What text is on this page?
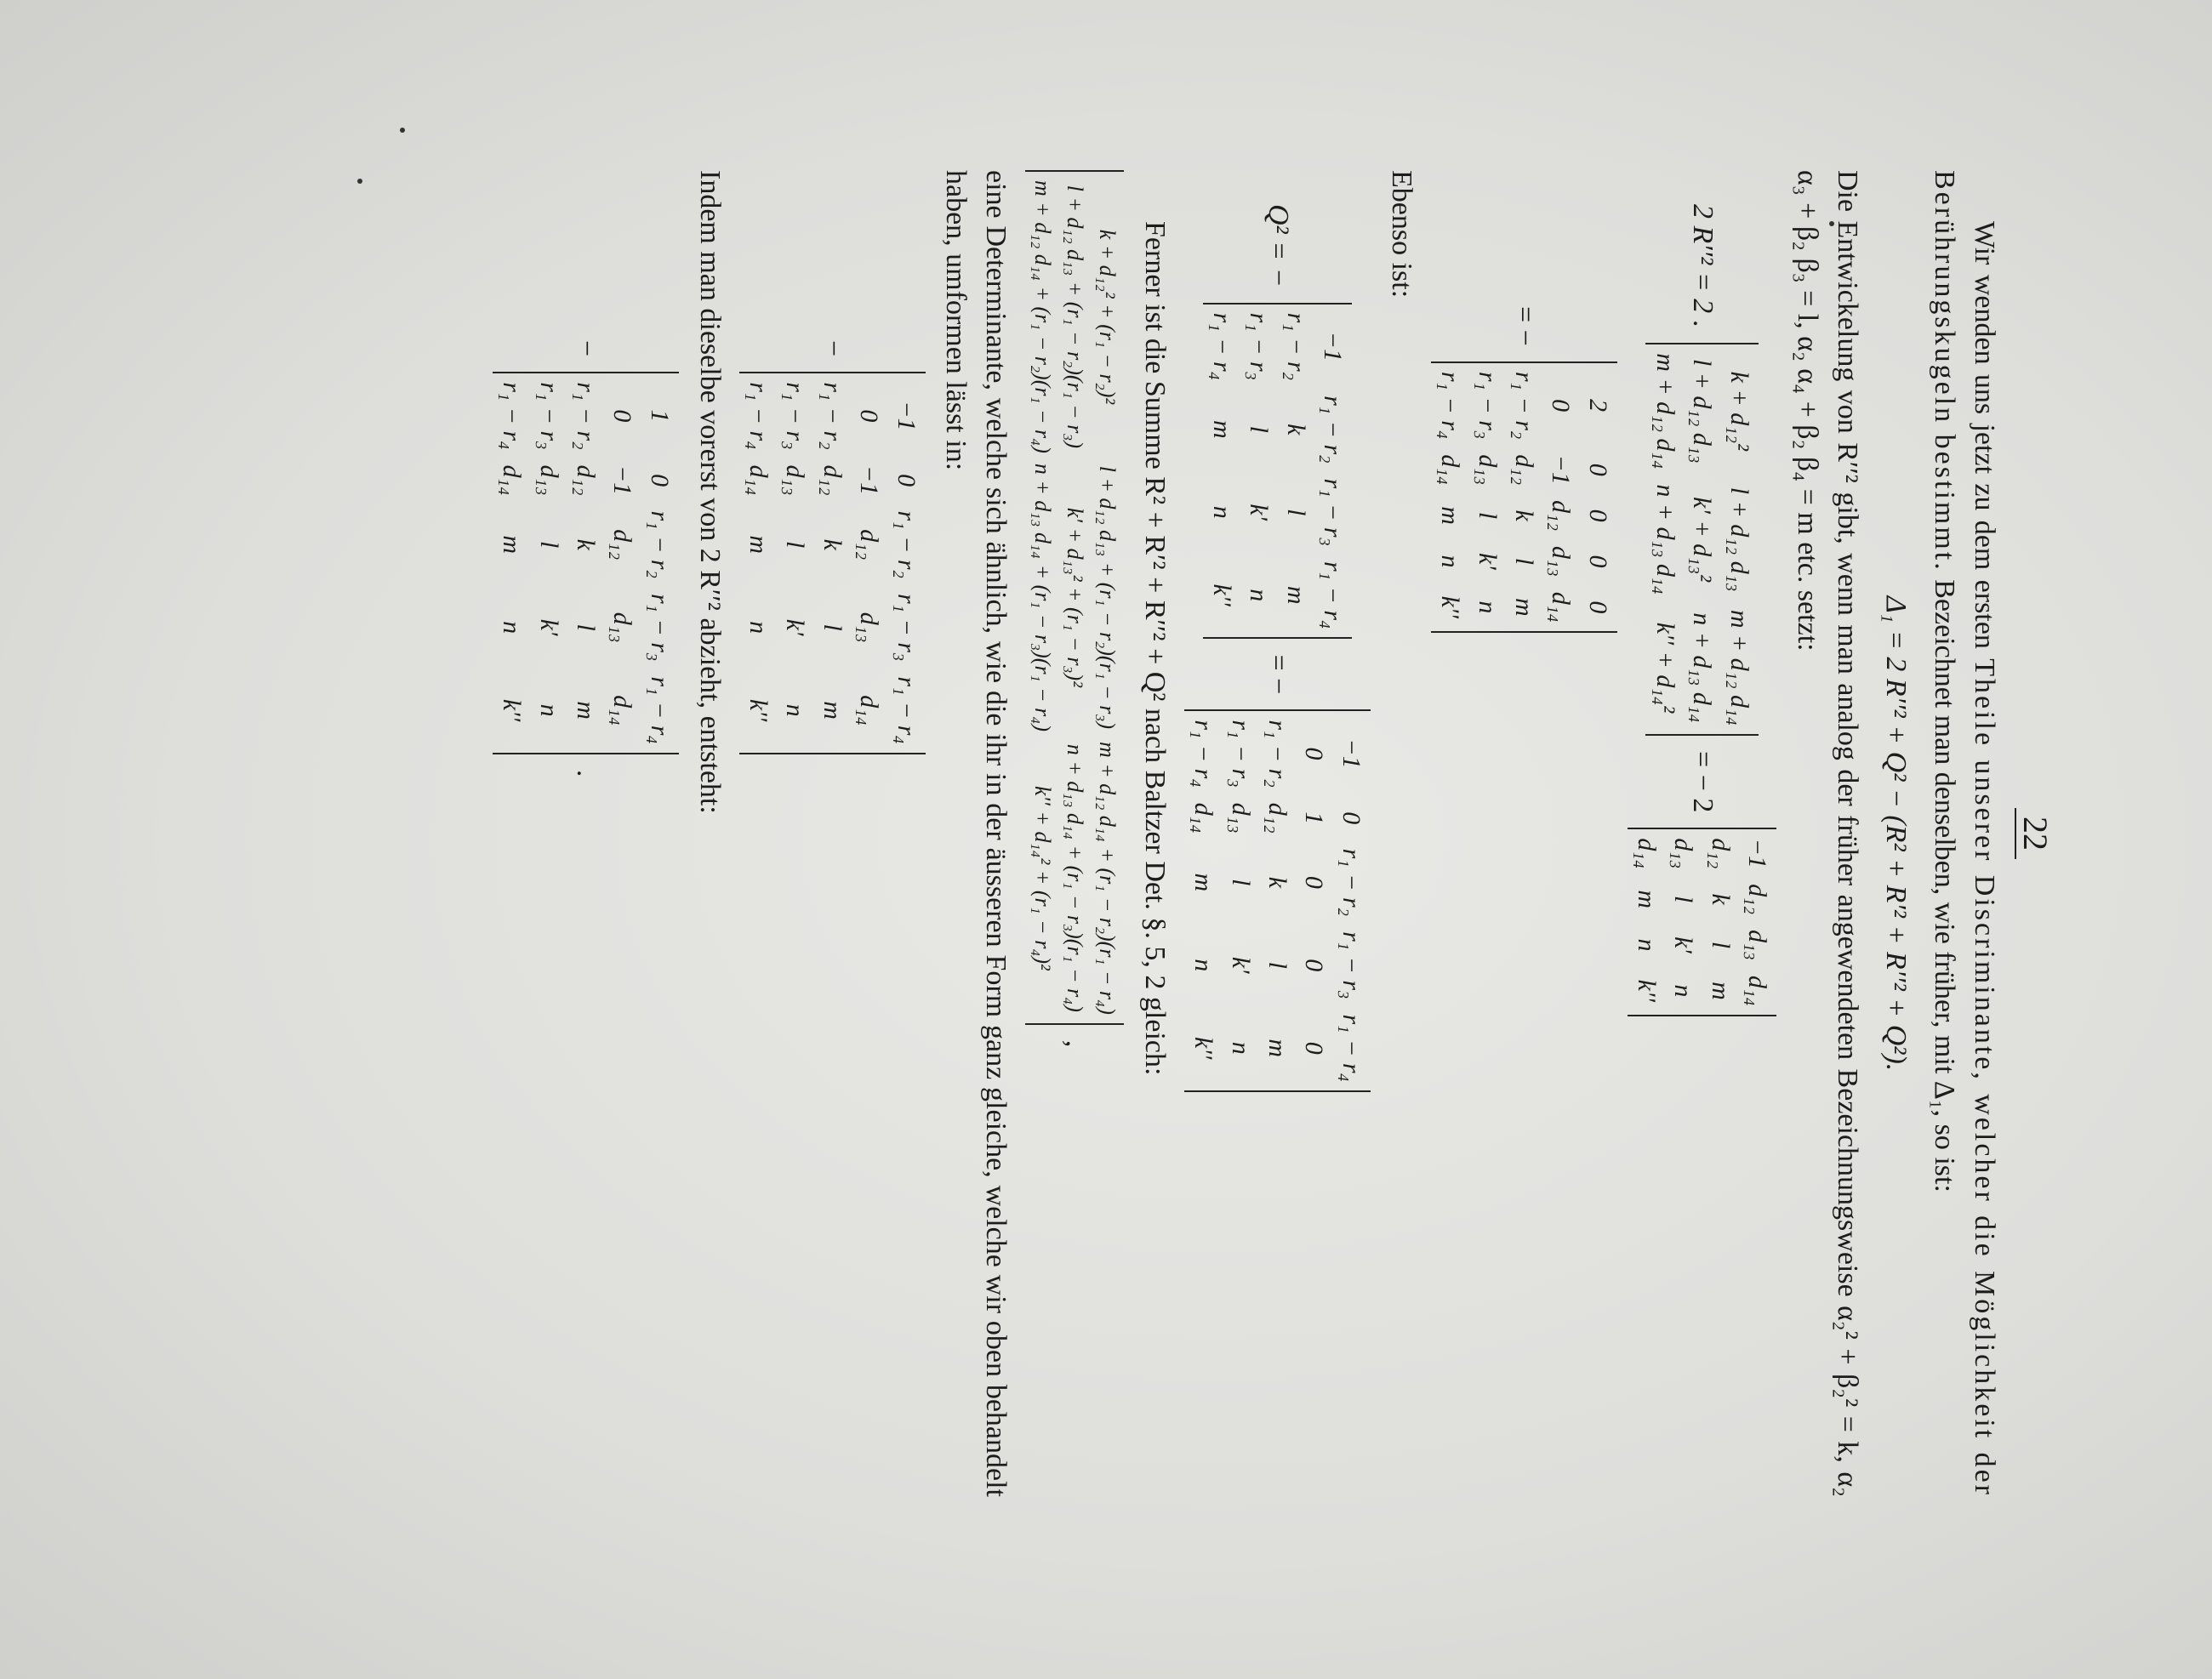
22

Wir wenden uns jetzt zu dem ersten Theile unserer Discriminante, welcher die Möglichkeit der Berührungskugeln bestimmt. Bezeichnet man denselben, wie früher, mit Δ₁, so ist:

Δ₁ = 2 R′′² + Q² − (R² + R′² + R′′² + Q²).

Die Entwickelung von R′′² gibt, wenn man analog der früher angewendeten Bezeichnungsweise α₂² + β₂² = k, α₂ α₃ + β₂ β₃ = l, α₂ α₄ + β₂ β₄ = m etc. setzt:

2 R′′² = 2 .
k + d₁₂²
l + d₁₂ d₁₃
m + d₁₂ d₁₄
l + d₁₂ d₁₃
k′ + d₁₃²
n + d₁₃ d₁₄
m + d₁₂ d₁₄
n + d₁₃ d₁₄
k′′ + d₁₄²
= − 2
−1
d₁₂
d₁₃
d₁₄
d₁₂
k
l
m
d₁₃
l
k′
n
d₁₄
m
n
k′′
= −
2
0
0
0
0
0
−1
d₁₂
d₁₃
d₁₄
r₁ − r₂
d₁₂
k
l
m
r₁ − r₃
d₁₃
l
k′
n
r₁ − r₄
d₁₄
m
n
k′′

Ebenso ist:

Q² = −
−1
r₁ − r₂
r₁ − r₃
r₁ − r₄
r₁ − r₂
k
l
m
r₁ − r₃
l
k′
n
r₁ − r₄
m
n
k′′
= −
−1
0
r₁ − r₂
r₁ − r₃
r₁ − r₄
0
1
0
0
0
r₁ − r₂
d₁₂
k
l
m
r₁ − r₃
d₁₃
l
k′
n
r₁ − r₄
d₁₄
m
n
k′′

Ferner ist die Summe R² + R′² + R′′² + Q² nach Baltzer Det. §. 5, 2 gleich:

k + d₁₂² + (r₁ − r₂)²
l + d₁₂ d₁₃ + (r₁ − r₂)(r₁ − r₃)
m + d₁₂ d₁₄ + (r₁ − r₂)(r₁ − r₄)
l + d₁₂ d₁₃ + (r₁ − r₂)(r₁ − r₃)
k′ + d₁₃² + (r₁ − r₃)²
n + d₁₃ d₁₄ + (r₁ − r₃)(r₁ − r₄)
m + d₁₂ d₁₄ + (r₁ − r₂)(r₁ − r₄)
n + d₁₃ d₁₄ + (r₁ − r₃)(r₁ − r₄)
k′′ + d₁₄² + (r₁ − r₄)²
,

eine Determinante, welche sich ähnlich, wie die ihr in der äusseren Form ganz gleiche, welche wir oben behandelt haben, umformen lässt in:

−
−1
0
r₁ − r₂
r₁ − r₃
r₁ − r₄
0
−1
d₁₂
d₁₃
d₁₄
r₁ − r₂
d₁₂
k
l
m
r₁ − r₃
d₁₃
l
k′
n
r₁ − r₄
d₁₄
m
n
k′′

Indem man dieselbe vorerst von 2 R′′² abzieht, entsteht:

−
1
0
r₁ − r₂
r₁ − r₃
r₁ − r₄
0
−1
d₁₂
d₁₃
d₁₄
r₁ − r₂
d₁₂
k
l
m
r₁ − r₃
d₁₃
l
k′
n
r₁ − r₄
d₁₄
m
n
k′′
.
